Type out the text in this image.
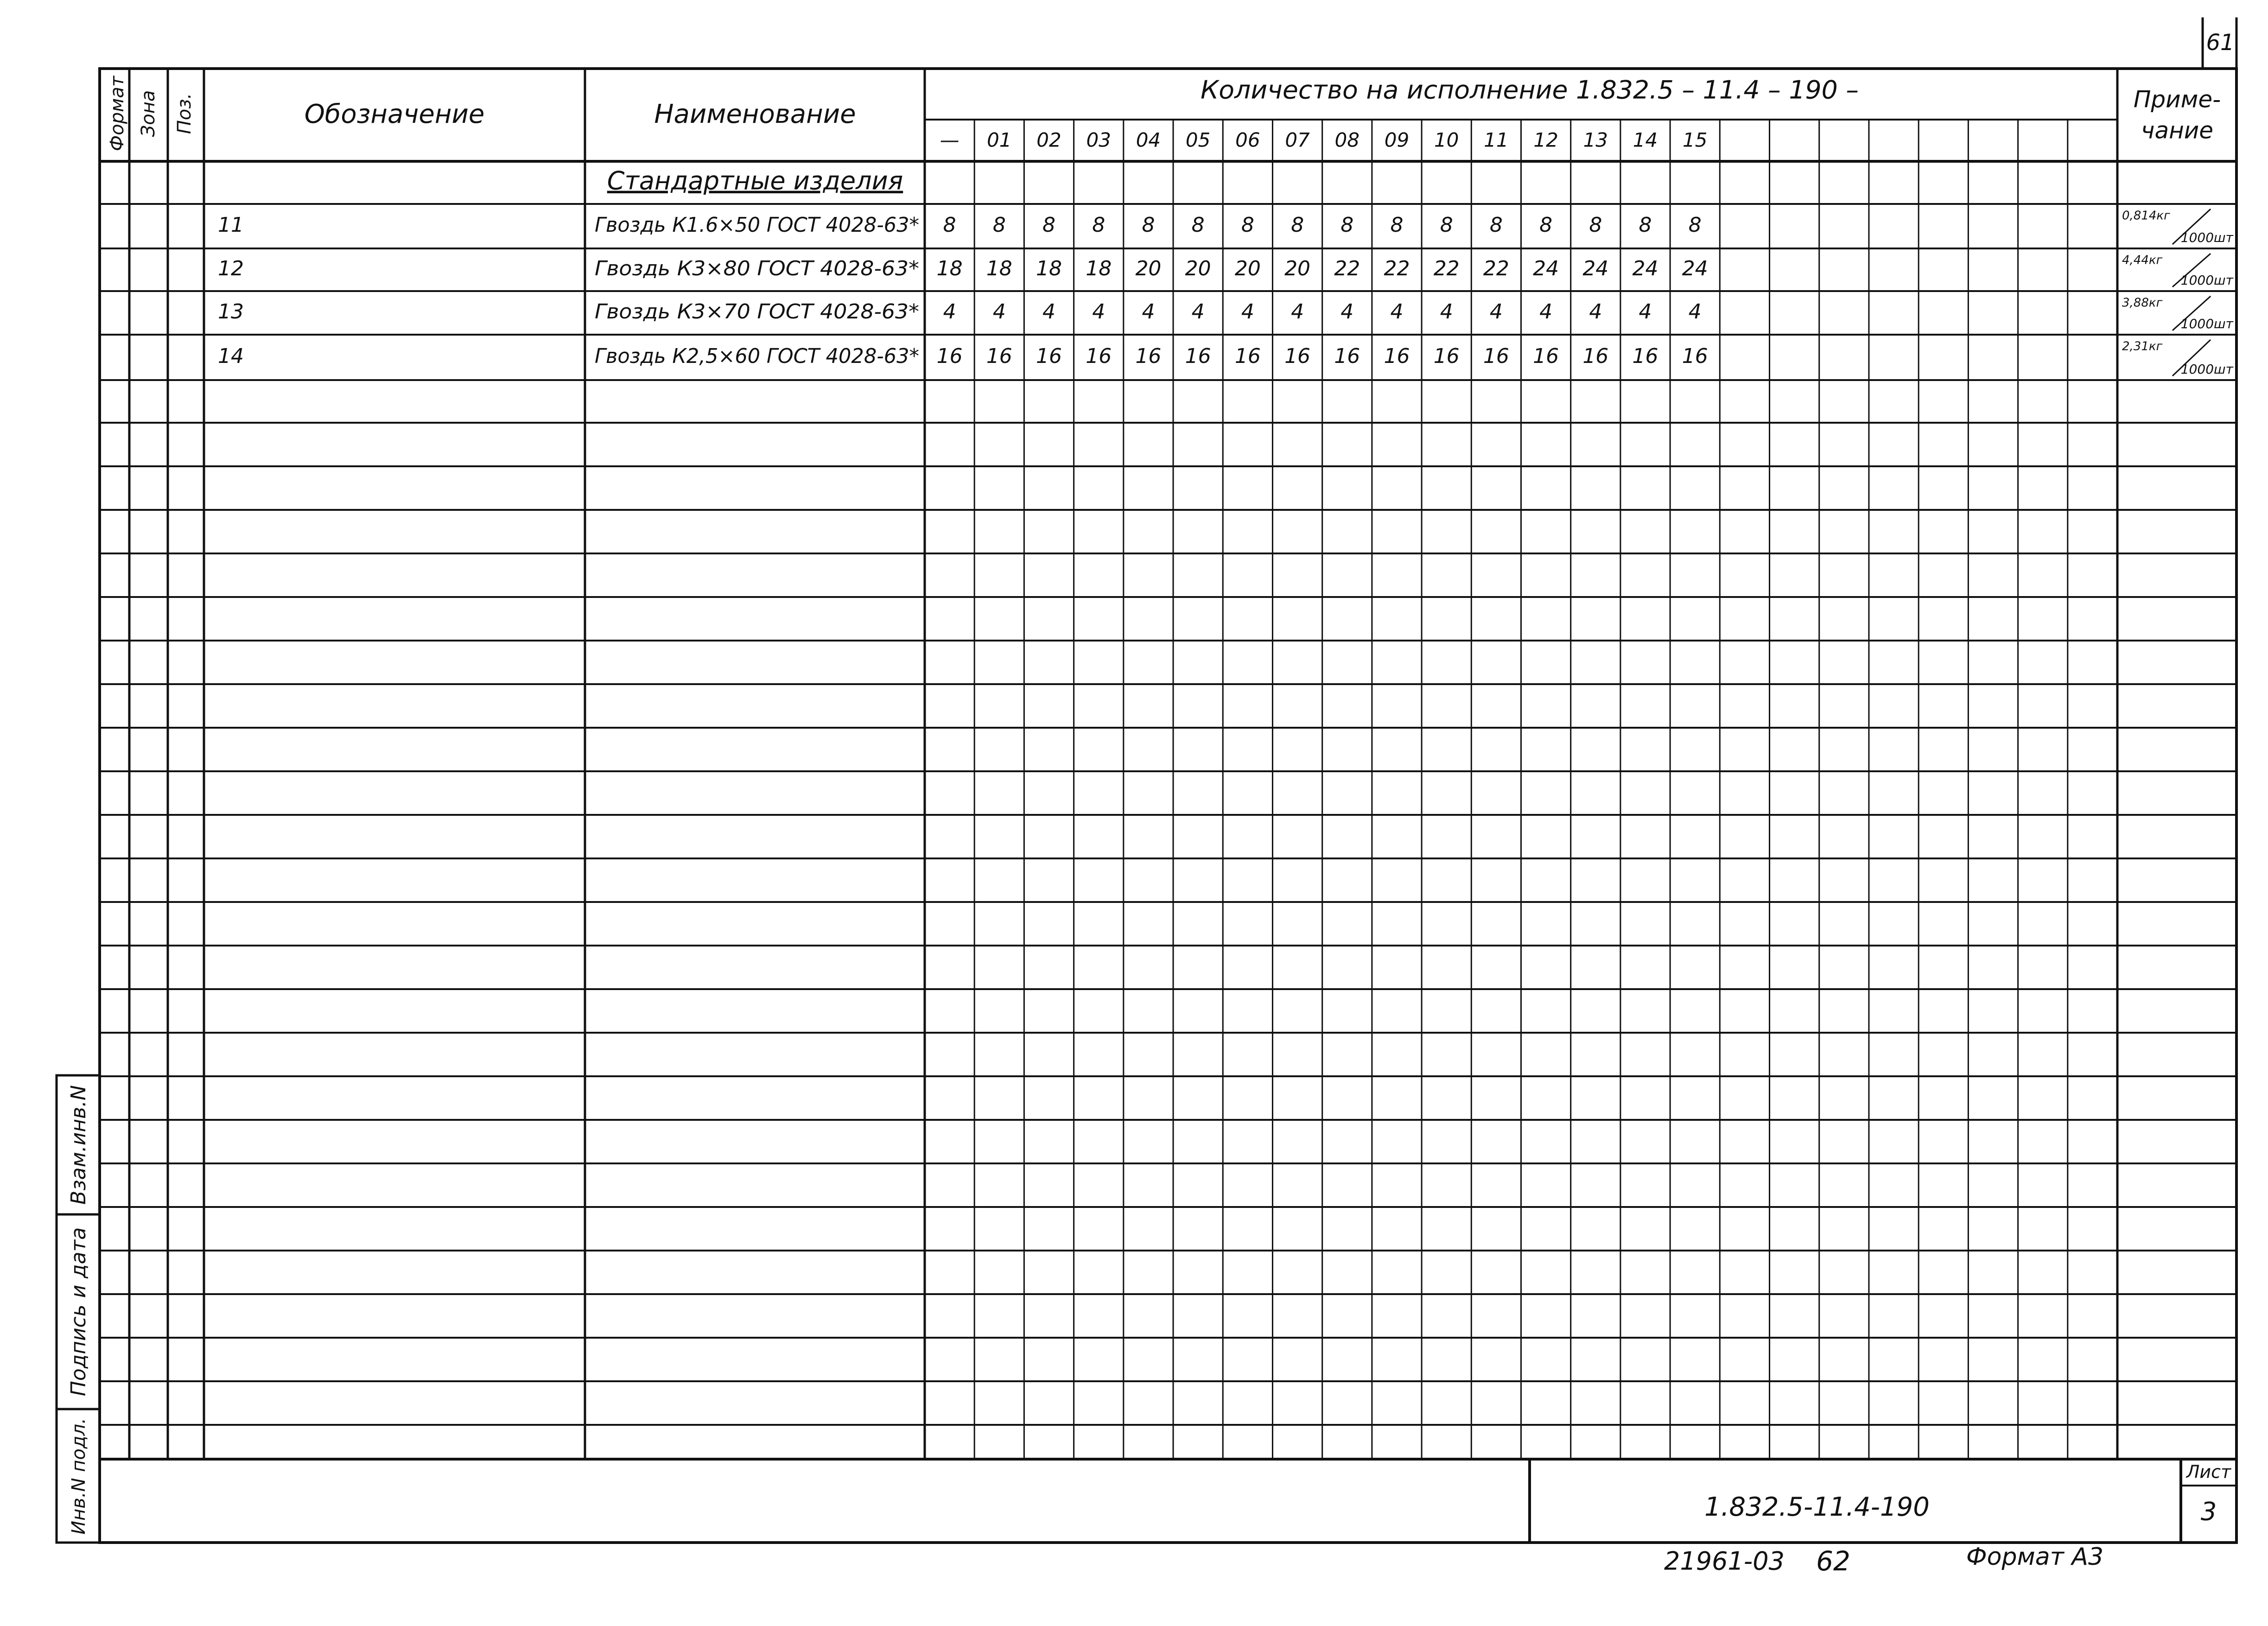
61
Формат Зона Поз.	Обозначение	Наименование
Количество на исполнение 1.832.5 – 11.4 – 190 –	Приме-
чание
— 01 02 03 04 05 06 07 08 09 10 11 12 13 14 15
Стандартные изделия
11	Гвоздь К1.6×50 ГОСТ 4028-63* 8 8 8 8 8 8 8 8 8 8 8 8 8 8 8 8	0,814кг
1000шт
12	Гвоздь К3×80 ГОСТ 4028-63* 18 18 18 18 20 20 20 20 22 22 22 22 24 24 24 24	4,44кг
1000шт
13	Гвоздь К3×70 ГОСТ 4028-63* 4 4 4 4 4 4 4 4 4 4 4 4 4 4 4 4	3,88кг
1000шт
14	Гвоздь К2,5×60 ГОСТ 4028-63* 16 16 16 16 16 16 16 16 16 16 16 16 16 16 16 16	2,31кг
1000шт
Взам.инв.N
Подпись и дата
Инв.N подл.	1.832.5-11.4-190
Лист
3
21961-03 62	Формат А3
